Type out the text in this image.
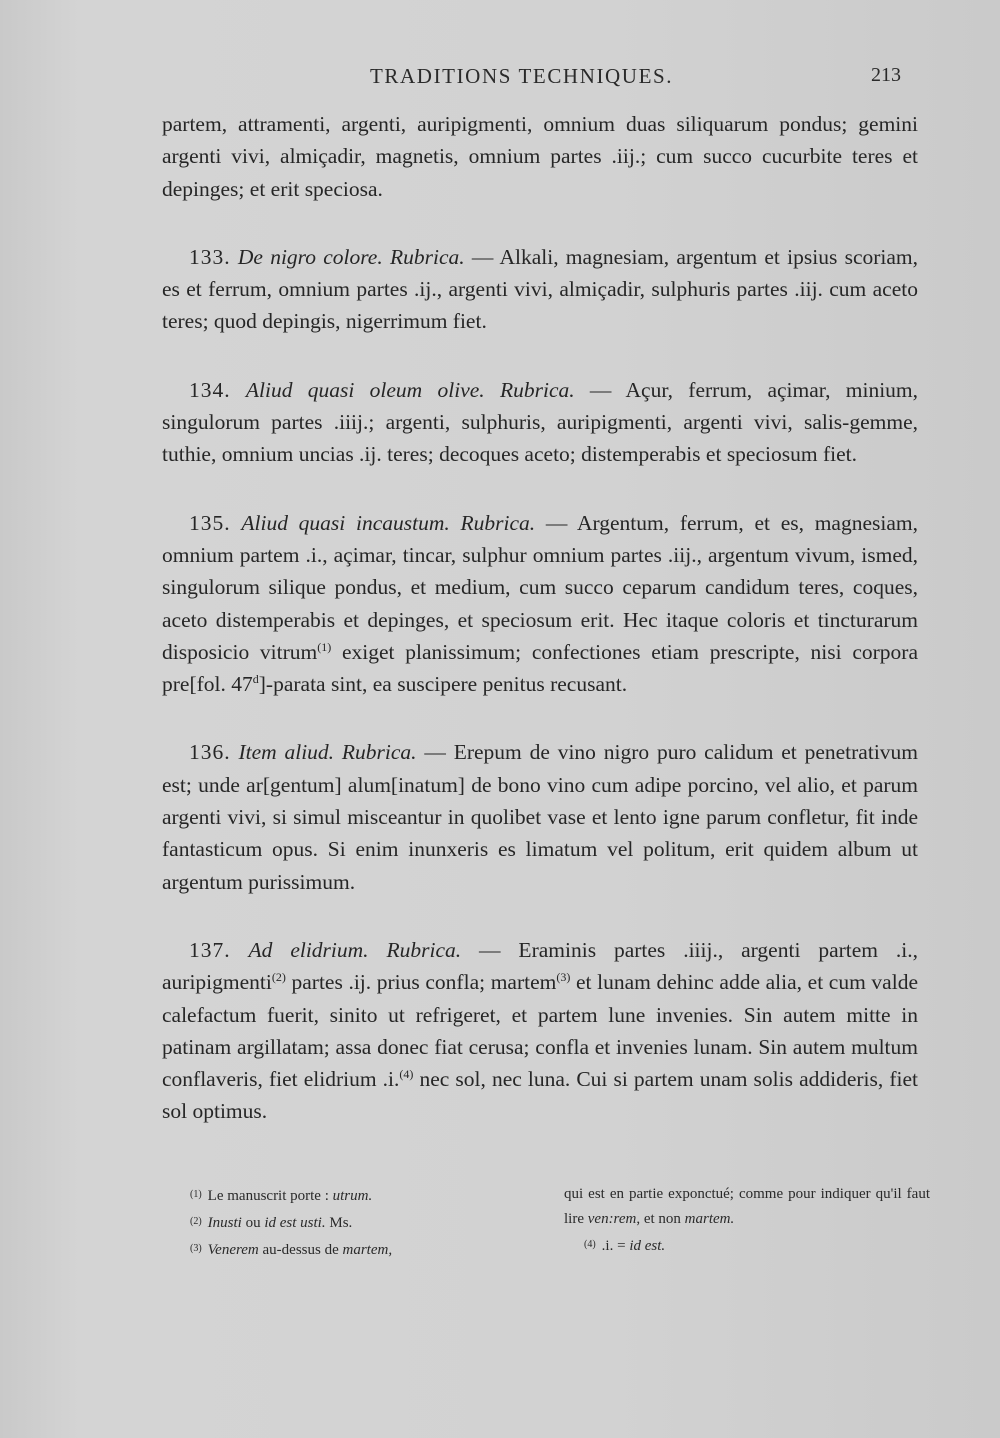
TRADITIONS TECHNIQUES.	213

partem, attramenti, argenti, auripigmenti, omnium duas siliquarum pondus; gemini argenti vivi, almiçadir, magnetis, omnium partes .iij.; cum succo cucurbite teres et depinges; et erit speciosa.

133. De nigro colore. Rubrica. — Alkali, magnesiam, argentum et ipsius scoriam, es et ferrum, omnium partes .ij., argenti vivi, almiçadir, sulphuris partes .iij. cum aceto teres; quod depingis, nigerrimum fiet.

134. Aliud quasi oleum olive. Rubrica. — Açur, ferrum, açimar, minium, singulorum partes .iiij.; argenti, sulphuris, auripigmenti, argenti vivi, salis-gemme, tuthie, omnium uncias .ij. teres; decoques aceto; distemperabis et speciosum fiet.

135. Aliud quasi incaustum. Rubrica. — Argentum, ferrum, et es, magnesiam, omnium partem .i., açimar, tincar, sulphur omnium partes .iij., argentum vivum, ismed, singulorum silique pondus, et medium, cum succo ceparum candidum teres, coques, aceto distemperabis et depinges, et speciosum erit. Hec itaque coloris et tincturarum disposicio vitrum$^{(1)}$ exiget planissimum; confectiones etiam prescripte, nisi corpora pre[fol. 47$^d$]-parata sint, ea suscipere penitus recusant.

136. Item aliud. Rubrica. — Erepum de vino nigro puro calidum et penetrativum est; unde ar[gentum] alum[inatum] de bono vino cum adipe porcino, vel alio, et parum argenti vivi, si simul misceantur in quolibet vase et lento igne parum confletur, fit inde fantasticum opus. Si enim inunxeris es limatum vel politum, erit quidem album ut argentum purissimum.

137. Ad elidrium. Rubrica. — Eraminis partes .iiij., argenti partem .i., auripigmenti$^{(2)}$ partes .ij. prius confla; martem$^{(3)}$ et lunam dehinc adde alia, et cum valde calefactum fuerit, sinito ut refrigeret, et partem lune invenies. Sin autem mitte in patinam argillatam; assa donec fiat cerusa; confla et invenies lunam. Sin autem multum conflaveris, fiet elidrium .i.$^{(4)}$ nec sol, nec luna. Cui si partem unam solis addideris, fiet sol optimus.

$^{(1)}$ Le manuscrit porte : utrum.

$^{(2)}$ Inusti ou id est usti. Ms.

$^{(3)}$ Venerem au-dessus de martem,

qui est en partie exponctué; comme pour indiquer qu'il faut lire ven:rem, et non martem.

$^{(4)}$ .i. = id est.
